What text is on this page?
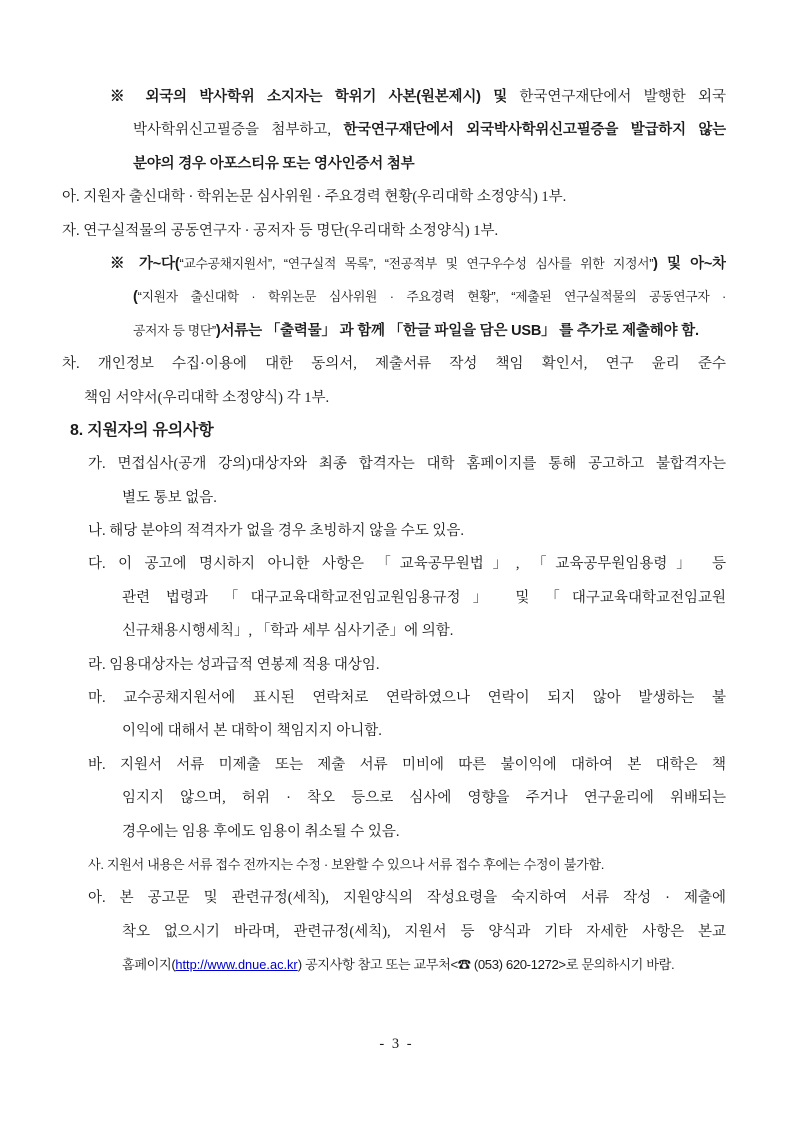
※ 외국의 박사학위 소지자는 학위기 사본(원본제시) 및 한국연구재단에서 발행한 외국
박사학위신고필증을 첨부하고, 한국연구재단에서 외국박사학위신고필증을 발급하지 않는
분야의 경우 아포스티유 또는 영사인증서 첨부
아. 지원자 출신대학 · 학위논문 심사위원 · 주요경력 현황(우리대학 소정양식) 1부.
자. 연구실적물의 공동연구자 · 공저자 등 명단(우리대학 소정양식) 1부.
※ 가~다(“교수공채지원서”, “연구실적 목록”, “전공적부 및 연구우수성 심사를 위한 지정서”) 및 아~차
(“지원자 출신대학 · 학위논문 심사위원 · 주요경력 현황”, “제출된 연구실적물의 공동연구자 ·
공저자 등 명단”)서류는 「출력물」 과 함께 「한글 파일을 담은 USB」 를 추가로 제출해야 함.
차. 개인정보 수집·이용에 대한 동의서, 제출서류 작성 책임 확인서, 연구 윤리 준수
책임 서약서(우리대학 소정양식) 각 1부.
8. 지원자의 유의사항
가. 면접심사(공개 강의)대상자와 최종 합격자는 대학 홈페이지를 통해 공고하고 불합격자는
별도 통보 없음.
나. 해당 분야의 적격자가 없을 경우 초빙하지 않을 수도 있음.
다. 이 공고에 명시하지 아니한 사항은 「교육공무원법」, 「교육공무원임용령」 등
관련 법령과 「대구교육대학교전임교원임용규정」 및 「대구교육대학교전임교원
신규채용시행세칙」, 「학과 세부 심사기준」에 의함.
라. 임용대상자는 성과급적 연봉제 적용 대상임.
마. 교수공채지원서에 표시된 연락처로 연락하였으나 연락이 되지 않아 발생하는 불
이익에 대해서 본 대학이 책임지지 아니함.
바. 지원서 서류 미제출 또는 제출 서류 미비에 따른 불이익에 대하여 본 대학은 책
임지지 않으며, 허위 · 착오 등으로 심사에 영향을 주거나 연구윤리에 위배되는
경우에는 임용 후에도 임용이 취소될 수 있음.
사. 지원서 내용은 서류 접수 전까지는 수정 · 보완할 수 있으나 서류 접수 후에는 수정이 불가함.
아. 본 공고문 및 관련규정(세칙), 지원양식의 작성요령을 숙지하여 서류 작성 · 제출에
착오 없으시기 바라며, 관련규정(세칙), 지원서 등 양식과 기타 자세한 사항은 본교
홈페이지(http://www.dnue.ac.kr) 공지사항 참고 또는 교무처<☎ (053) 620-1272>로 문의하시기 바람.
- 3 -
